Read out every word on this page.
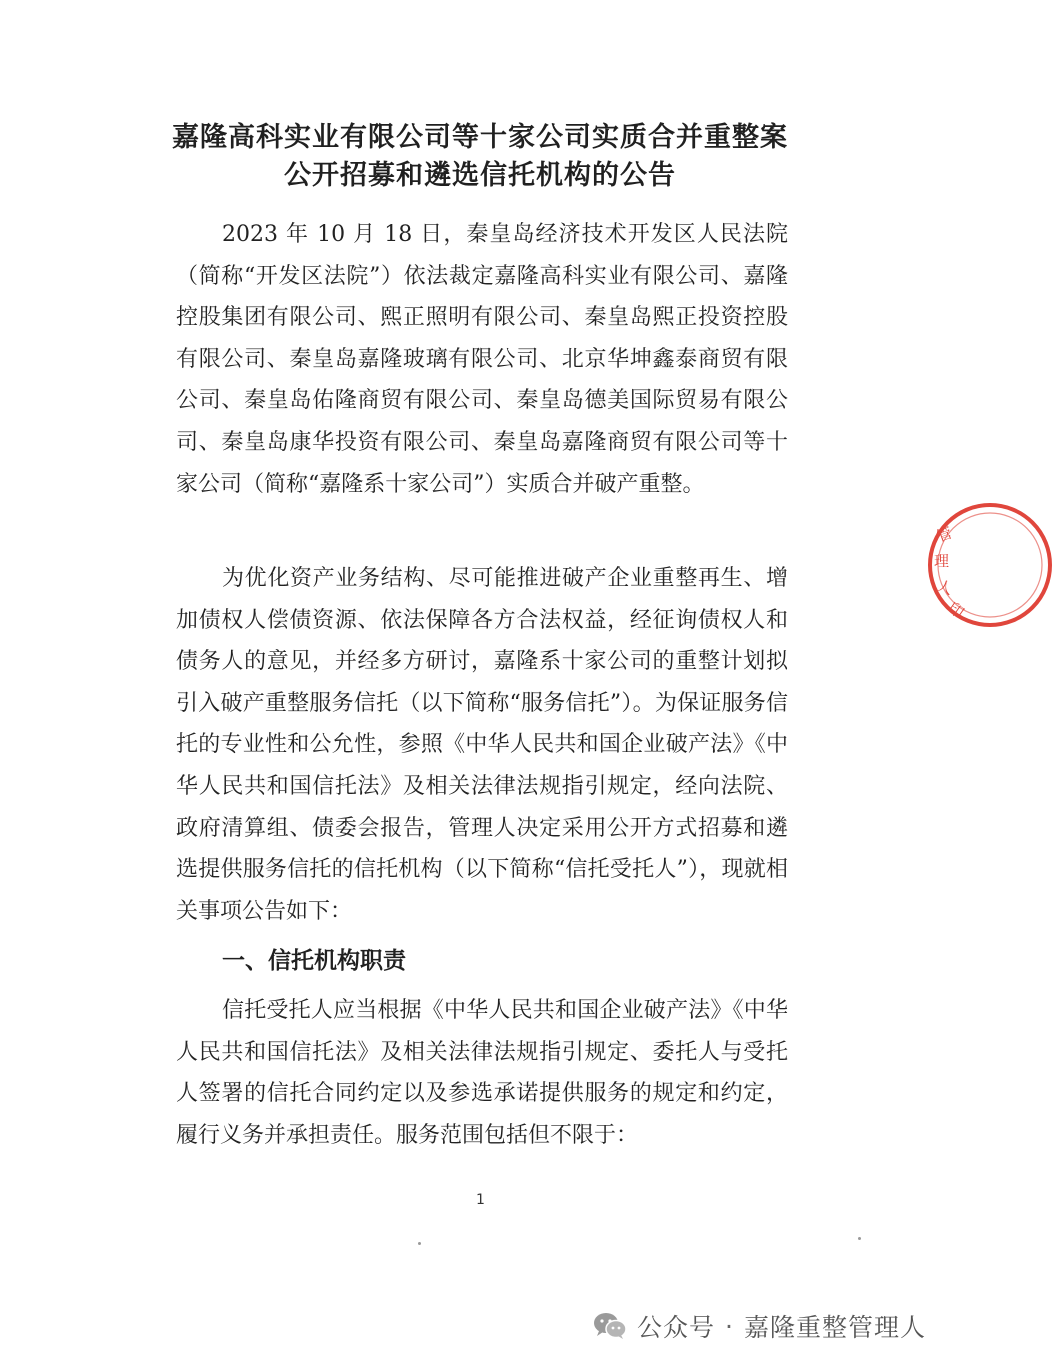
嘉隆高科实业有限公司等十家公司实质合并重整案
公开招募和遴选信托机构的公告
2023 年 10 月 18 日，秦皇岛经济技术开发区人民法院（简称“开发区法院”）依法裁定嘉隆高科实业有限公司、嘉隆控股集团有限公司、熙正照明有限公司、秦皇岛熙正投资控股有限公司、秦皇岛嘉隆玻璃有限公司、北京华坤鑫泰商贸有限公司、秦皇岛佑隆商贸有限公司、秦皇岛德美国际贸易有限公司、秦皇岛康华投资有限公司、秦皇岛嘉隆商贸有限公司等十家公司（简称“嘉隆系十家公司”）实质合并破产重整。
为优化资产业务结构、尽可能推进破产企业重整再生、增加债权人偿债资源、依法保障各方合法权益，经征询债权人和债务人的意见，并经多方研讨，嘉隆系十家公司的重整计划拟引入破产重整服务信托（以下简称“服务信托”）。为保证服务信托的专业性和公允性，参照《中华人民共和国企业破产法》《中华人民共和国信托法》及相关法律法规指引规定，经向法院、政府清算组、债委会报告，管理人决定采用公开方式招募和遴选提供服务信托的信托机构（以下简称“信托受托人”），现就相关事项公告如下：
一、信托机构职责
信托受托人应当根据《中华人民共和国企业破产法》《中华人民共和国信托法》及相关法律法规指引规定、委托人与受托人签署的信托合同约定以及参选承诺提供服务的规定和约定，履行义务并承担责任。服务范围包括但不限于：
1
管
理
人
印
公众号 · 嘉隆重整管理人
